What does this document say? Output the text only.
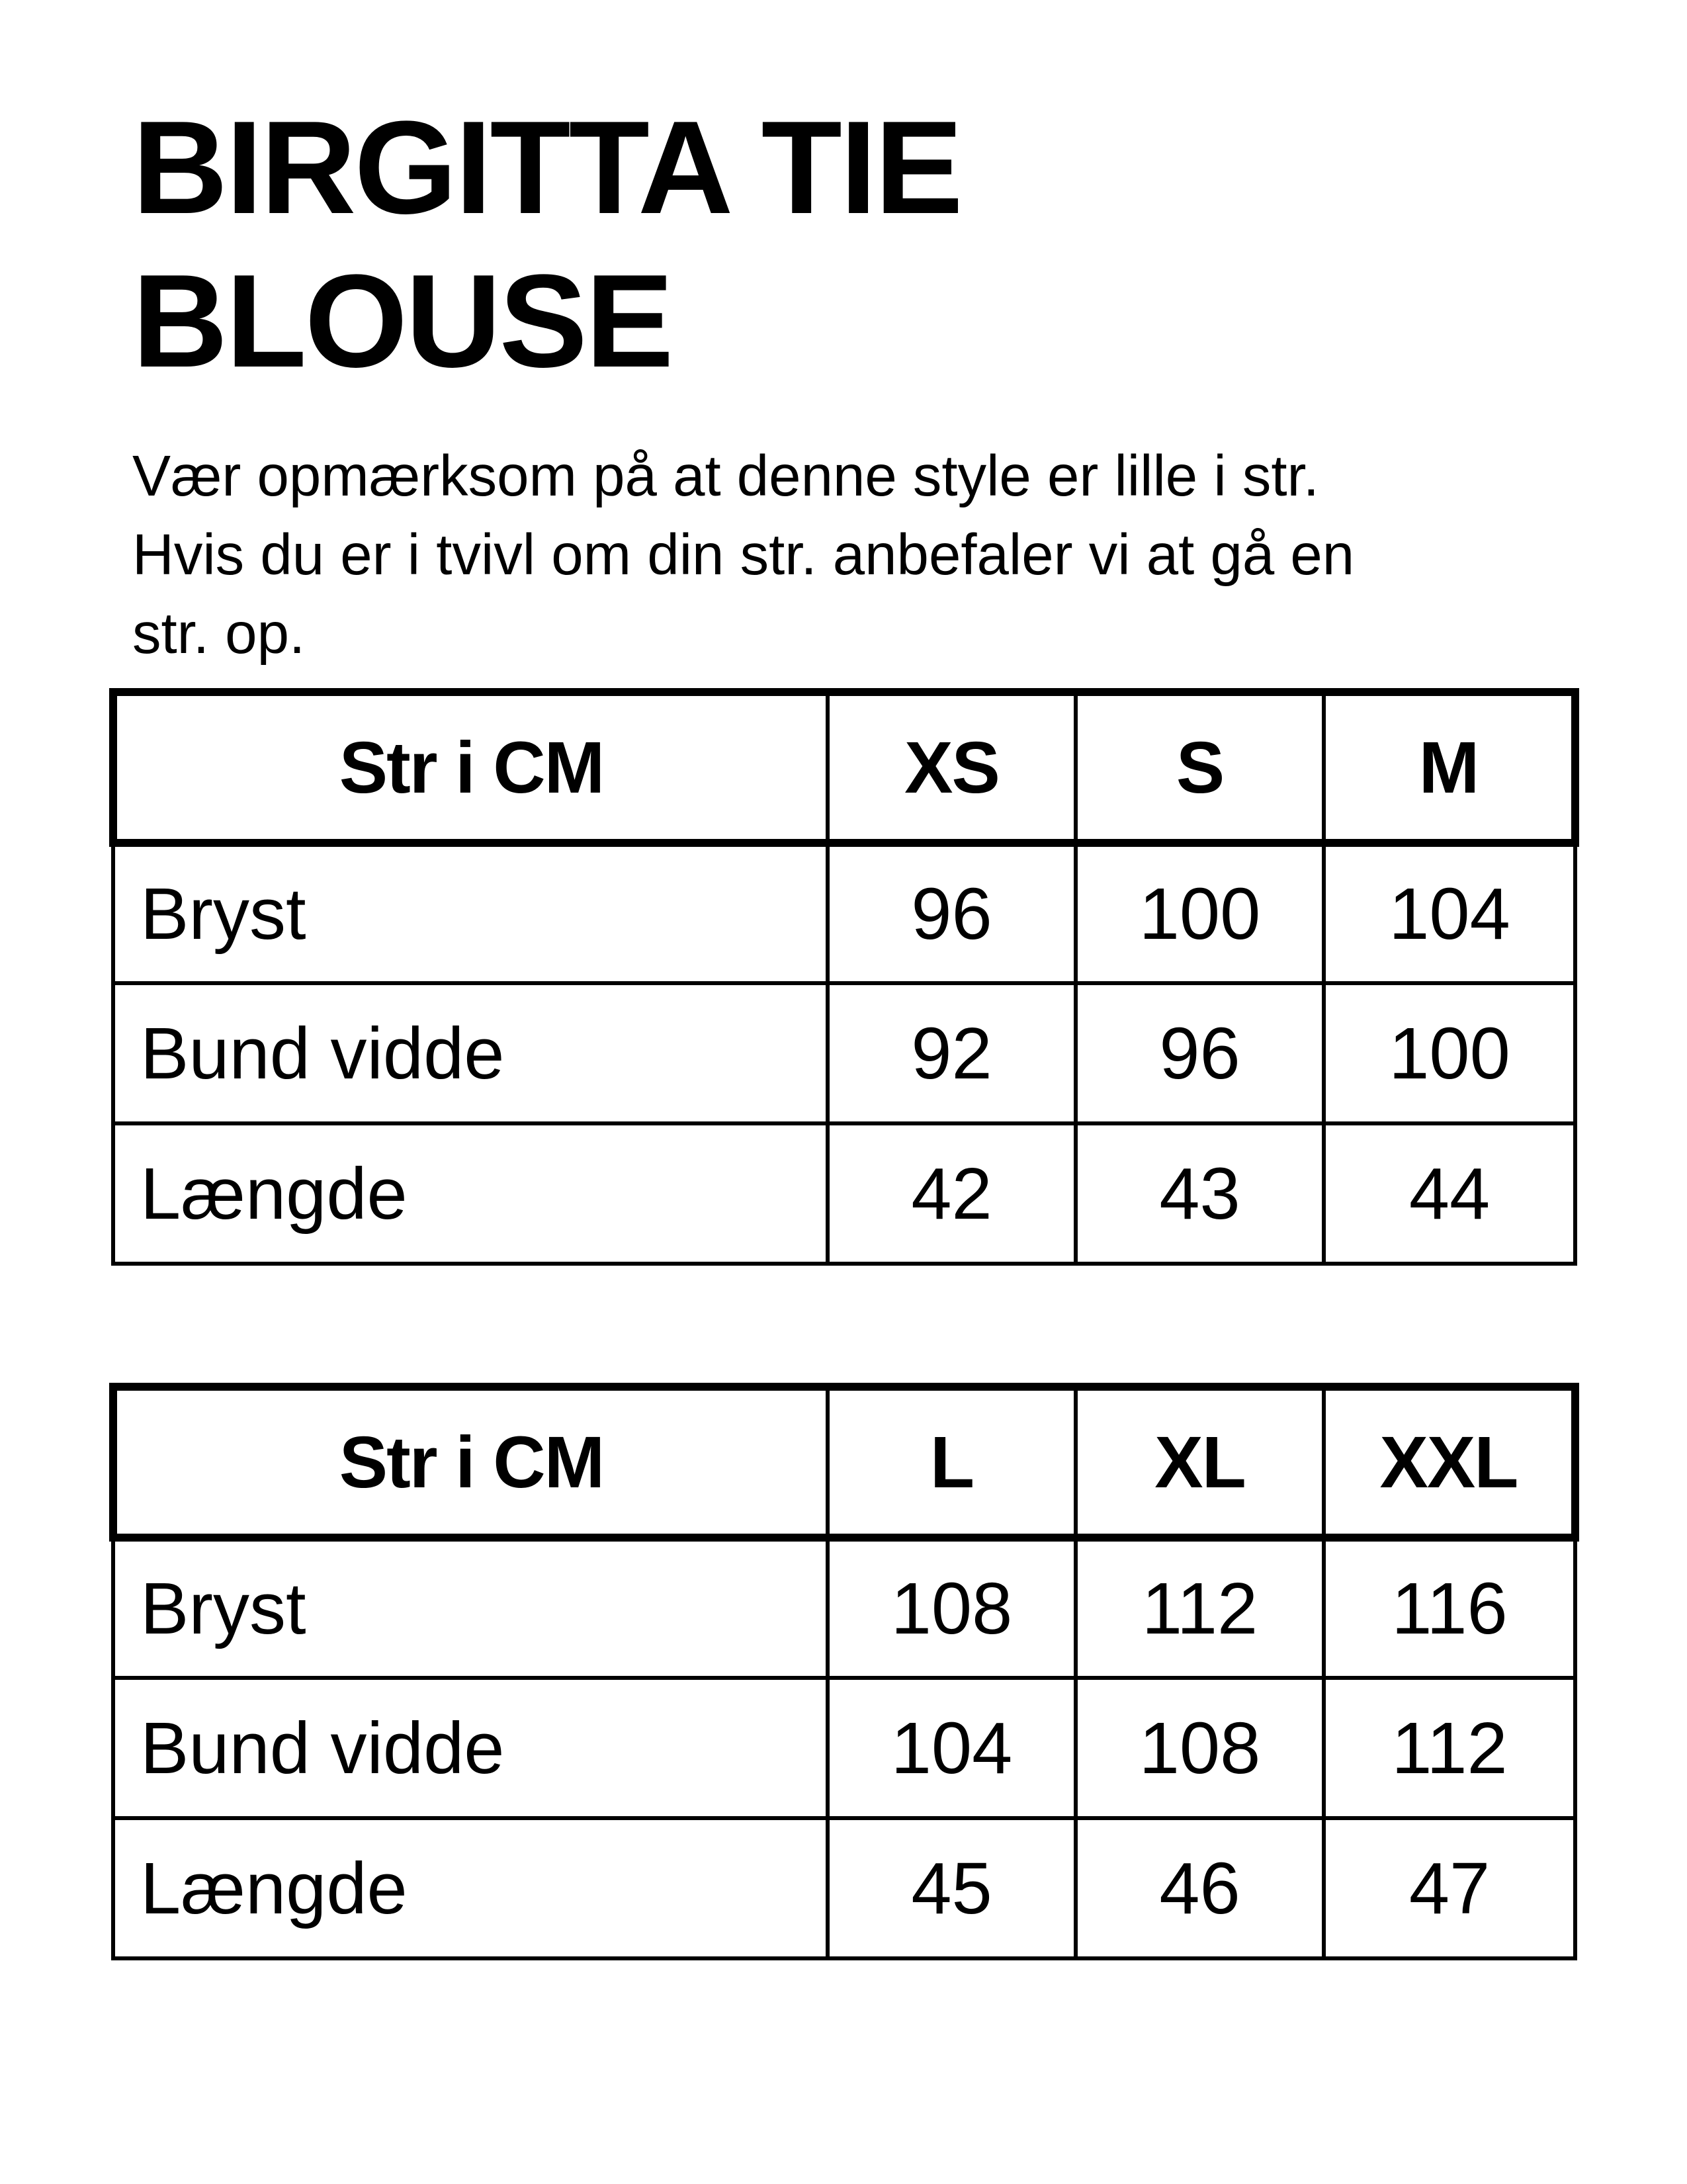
BIRGITTA TIE
BLOUSE

Vær opmærksom på at denne style er lille i str.
Hvis du er i tvivl om din str. anbefaler vi at gå en
str. op.

Str i CM	XS	S	M
Bryst	96	100	104
Bund vidde	92	96	100
Længde	42	43	44
Str i CM	L	XL	XXL
Bryst	108	112	116
Bund vidde	104	108	112
Længde	45	46	47
